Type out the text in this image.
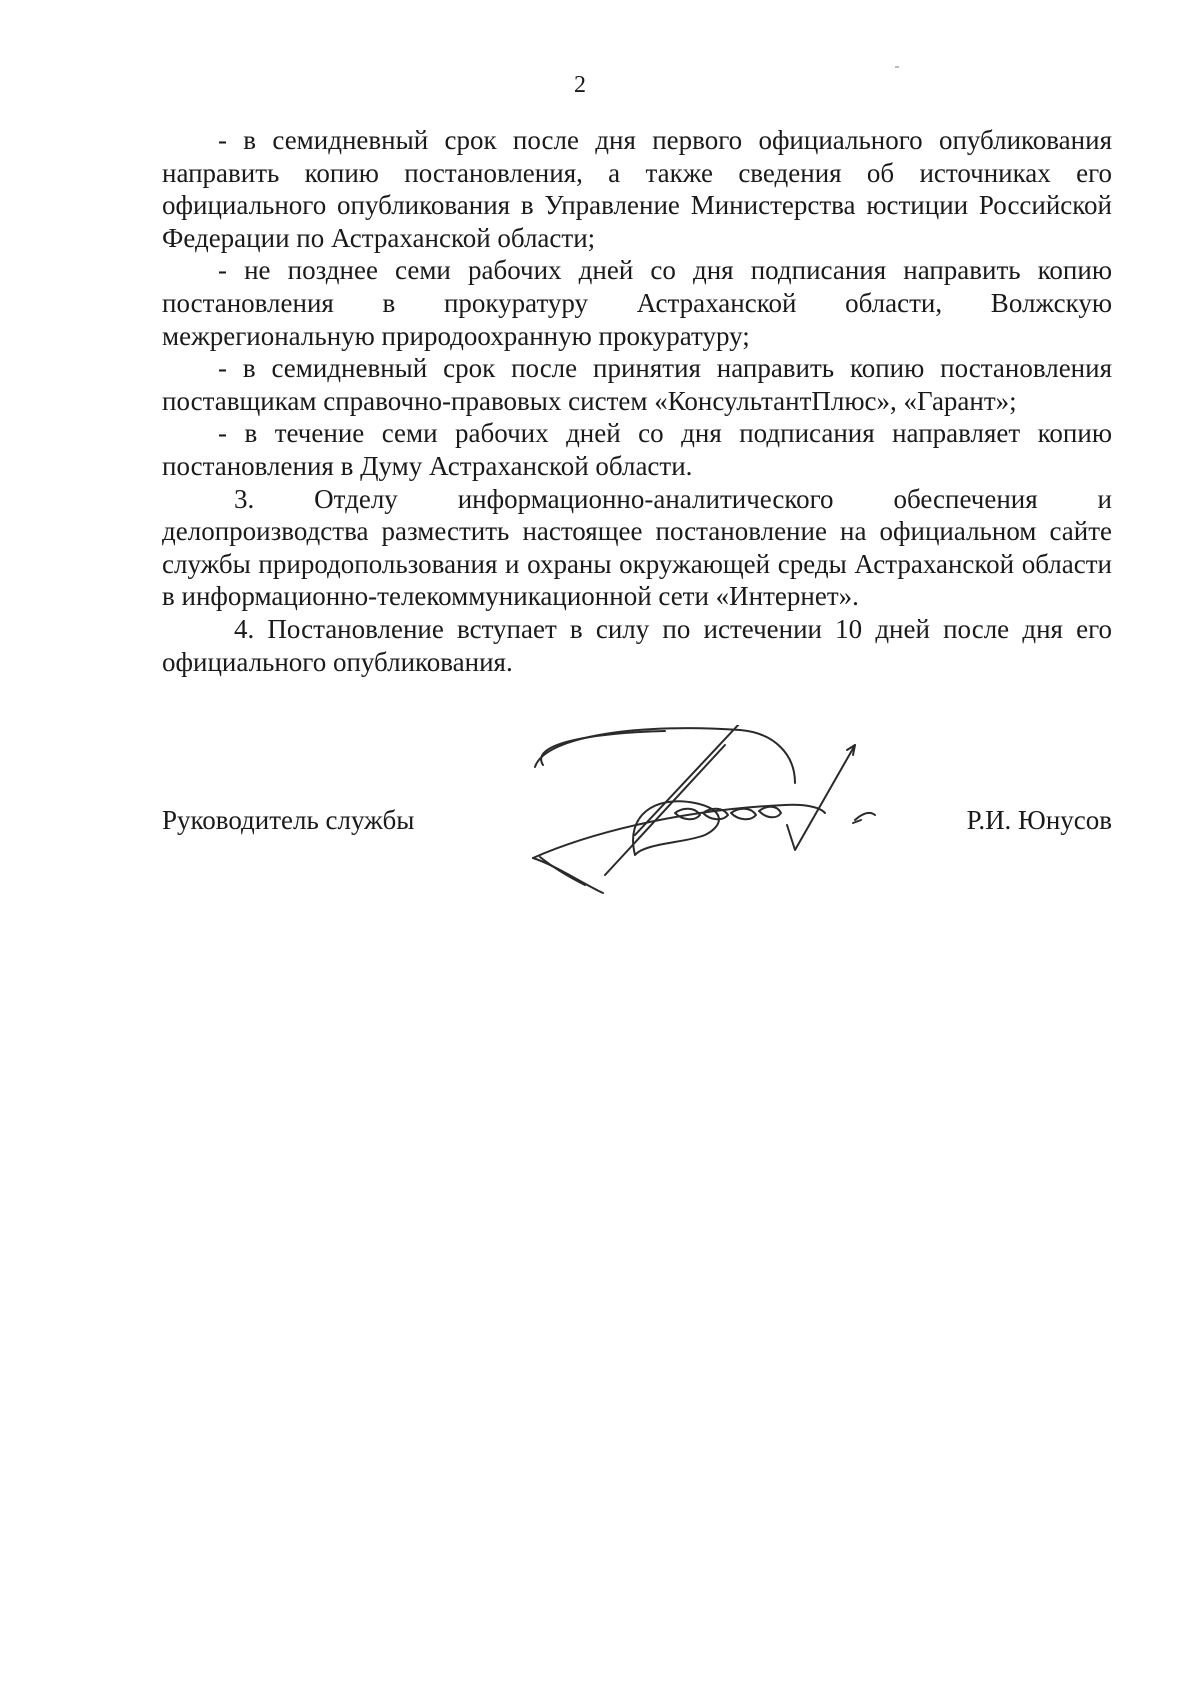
2

- в семидневный срок после дня первого официального опубликования направить копию постановления, а также сведения об источниках его официального опубликования в Управление Министерства юстиции Российской Федерации по Астраханской области;

- не позднее семи рабочих дней со дня подписания направить копию постановления в прокуратуру Астраханской области, Волжскую межрегиональную природоохранную прокуратуру;

- в семидневный срок после принятия направить копию постановления поставщикам справочно-правовых систем «КонсультантПлюс», «Гарант»;

- в течение семи рабочих дней со дня подписания направляет копию постановления в Думу Астраханской области.

3. Отделу информационно-аналитического обеспечения и делопроизводства разместить настоящее постановление на официальном сайте службы природопользования и охраны окружающей среды Астраханской области в информационно-телекоммуникационной сети «Интернет».

4. Постановление вступает в силу по истечении 10 дней после дня его официального опубликования.

Руководитель службы	Р.И. Юнусов
